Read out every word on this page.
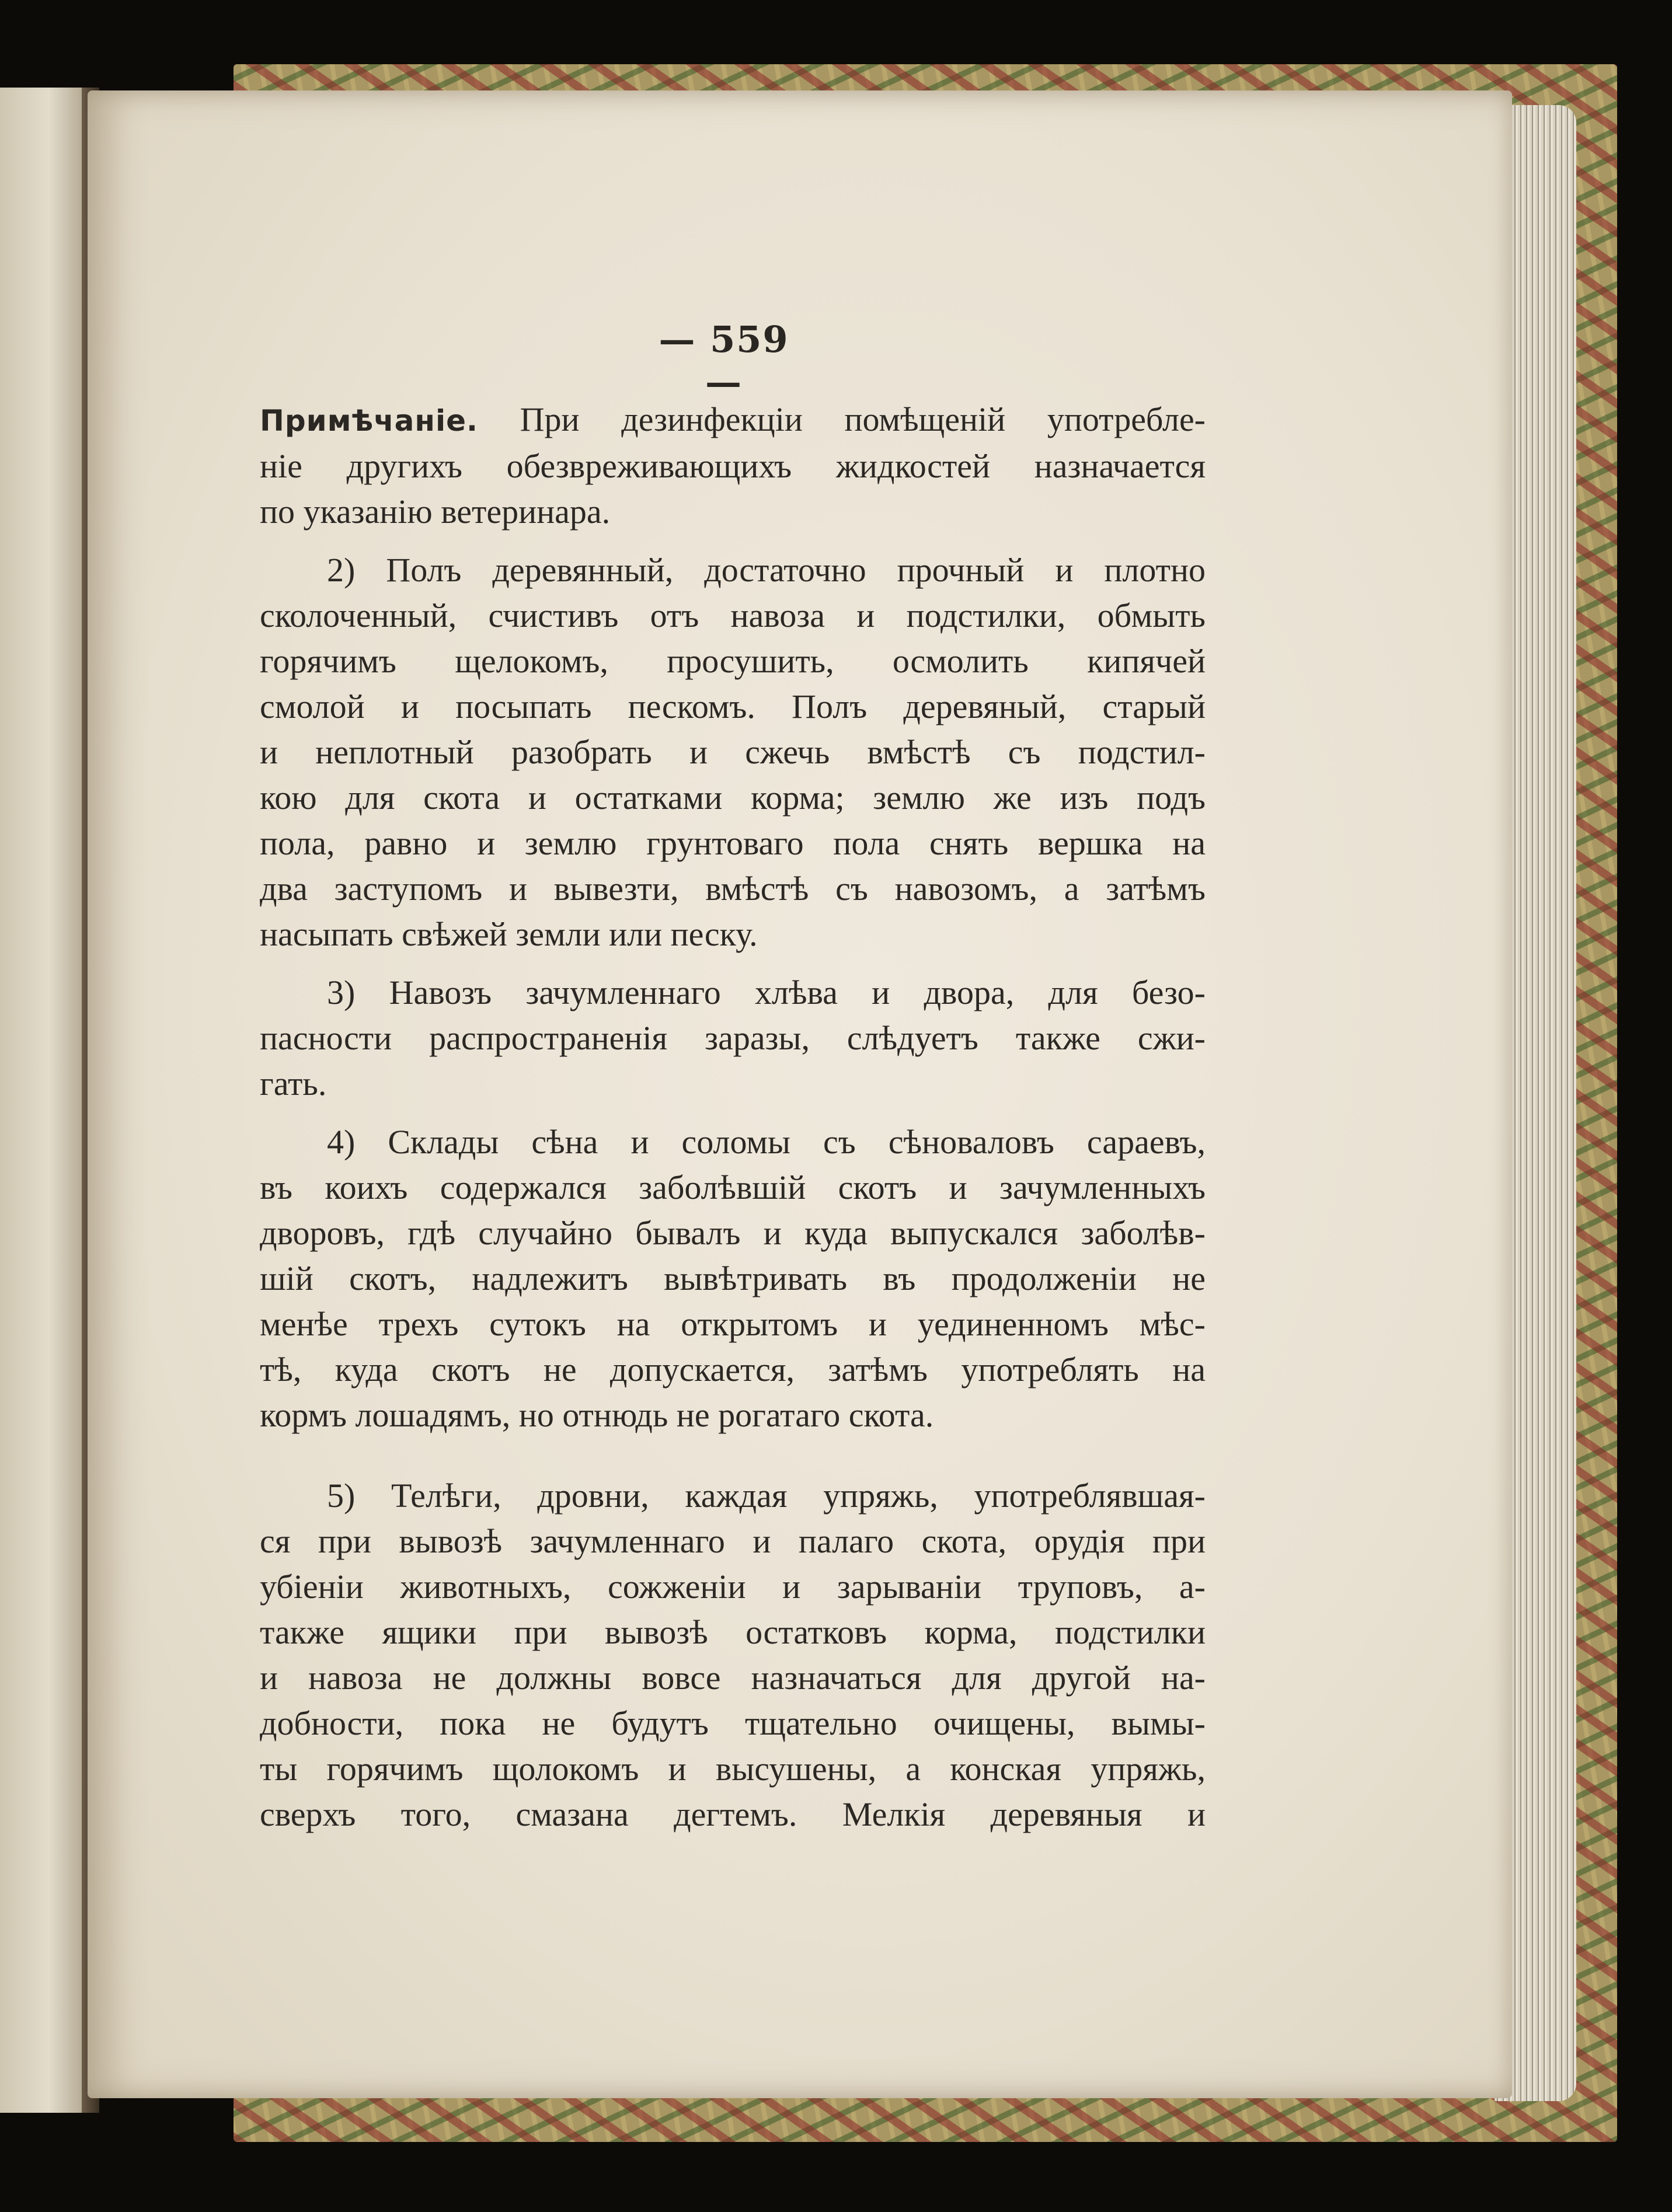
— 559 —
Примѣчаніе. При дезинфекціи помѣщеній употребле-
ніе другихъ обезвреживающихъ жидкостей назначается
по указанію ветеринара.
2) Полъ деревянный, достаточно прочный и плотно
сколоченный, счистивъ отъ навоза и подстилки, обмыть
горячимъ щелокомъ, просушить, осмолить кипячей
смолой и посыпать пескомъ. Полъ деревяный, старый
и неплотный разобрать и сжечь вмѣстѣ съ подстил-
кою для скота и остатками корма; землю же изъ подъ
пола, равно и землю грунтоваго пола снять вершка на
два заступомъ и вывезти, вмѣстѣ съ навозомъ, а затѣмъ
насыпать свѣжей земли или песку.
3) Навозъ зачумленнаго хлѣва и двора, для безо-
пасности распространенія заразы, слѣдуетъ также сжи-
гать.
4) Склады сѣна и соломы съ сѣноваловъ сараевъ,
въ коихъ содержался заболѣвшій скотъ и зачумленныхъ
дворовъ, гдѣ случайно бывалъ и куда выпускался заболѣв-
шій скотъ, надлежитъ вывѣтривать въ продолженіи не
менѣе трехъ сутокъ на открытомъ и уединенномъ мѣс-
тѣ, куда скотъ не допускается, затѣмъ употреблять на
кормъ лошадямъ, но отнюдь не рогатаго скота.
5) Телѣги, дровни, каждая упряжь, употреблявшая-
ся при вывозѣ зачумленнаго и палаго скота, орудія при
убіеніи животныхъ, сожженіи и зарываніи труповъ, а-
также ящики при вывозѣ остатковъ корма, подстилки
и навоза не должны вовсе назначаться для другой на-
добности, пока не будутъ тщательно очищены, вымы-
ты горячимъ щолокомъ и высушены, а конская упряжь,
сверхъ того, смазана дегтемъ. Мелкія деревяныя и
